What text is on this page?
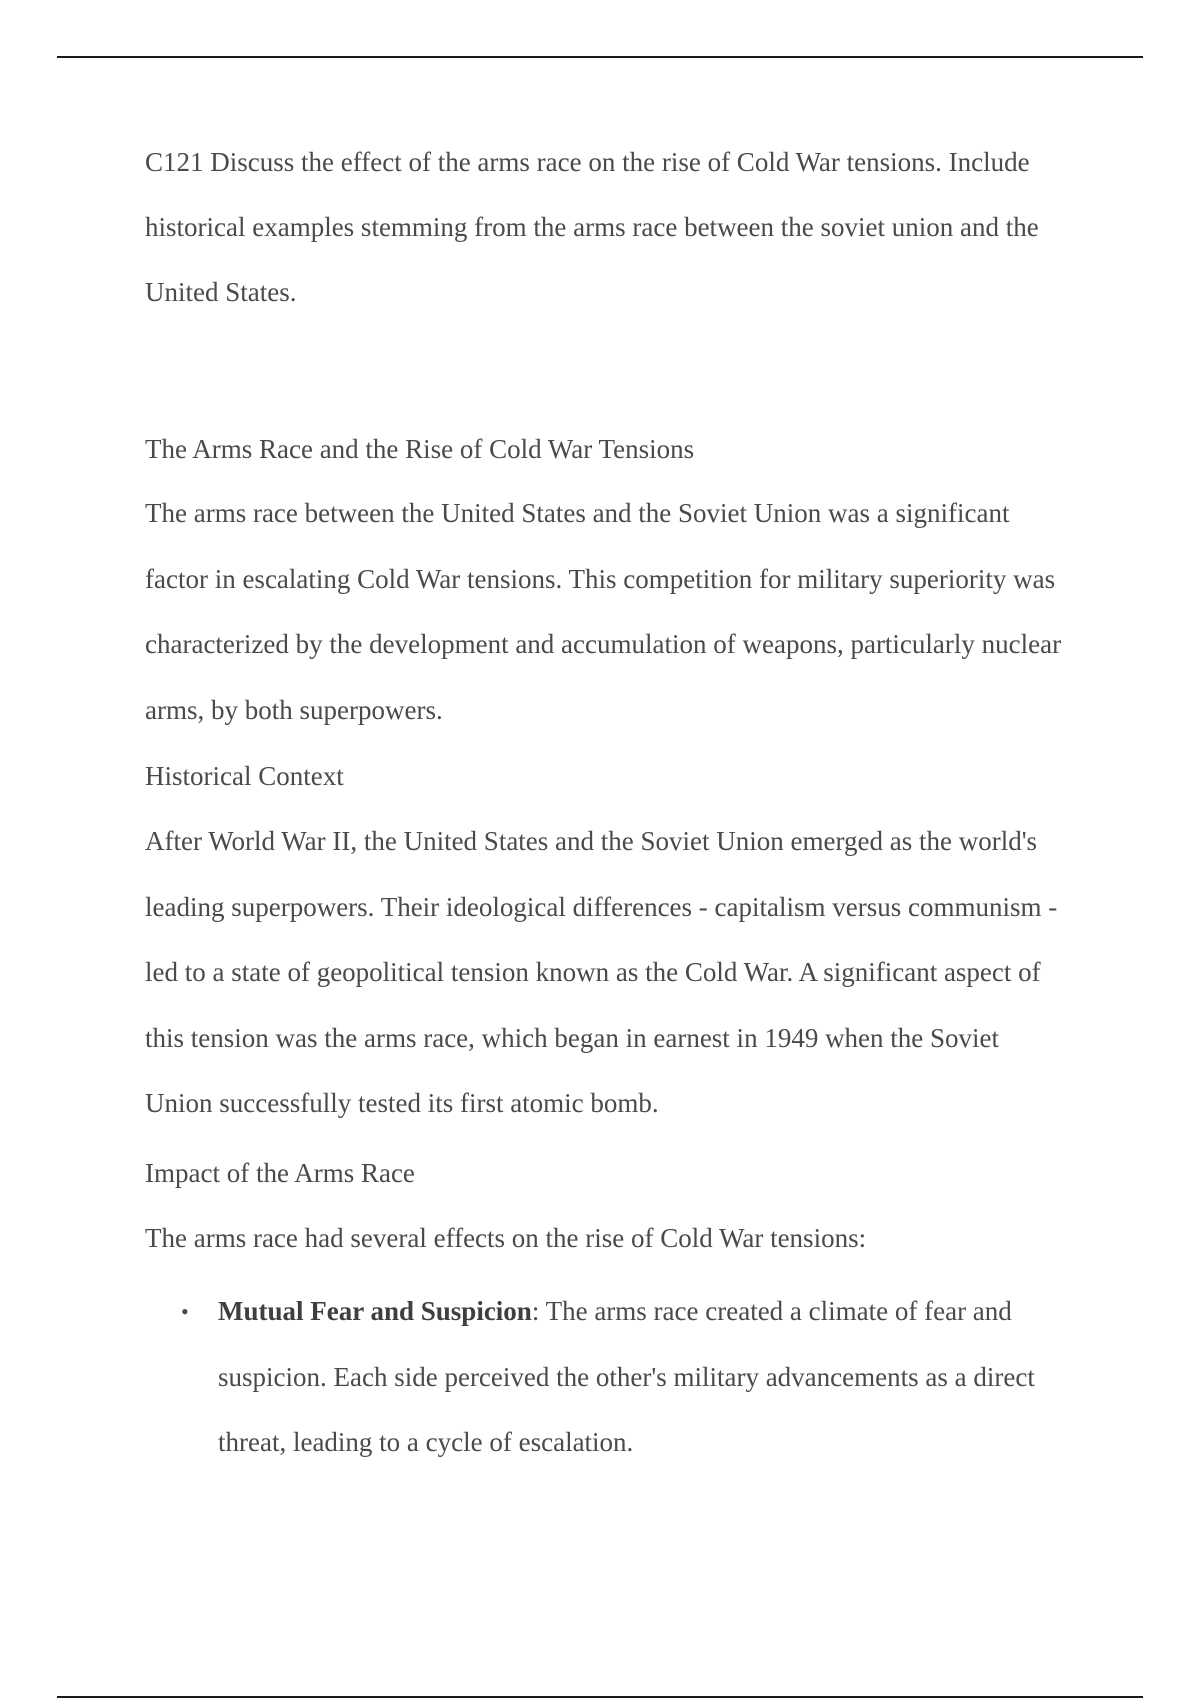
C121 Discuss the effect of the arms race on the rise of Cold War tensions. Include historical examples stemming from the arms race between the soviet union and the United States.

The Arms Race and the Rise of Cold War Tensions

The arms race between the United States and the Soviet Union was a significant factor in escalating Cold War tensions. This competition for military superiority was characterized by the development and accumulation of weapons, particularly nuclear arms, by both superpowers.

Historical Context

After World War II, the United States and the Soviet Union emerged as the world's leading superpowers. Their ideological differences - capitalism versus communism - led to a state of geopolitical tension known as the Cold War. A significant aspect of this tension was the arms race, which began in earnest in 1949 when the Soviet Union successfully tested its first atomic bomb.

Impact of the Arms Race

The arms race had several effects on the rise of Cold War tensions:

• Mutual Fear and Suspicion: The arms race created a climate of fear and suspicion. Each side perceived the other's military advancements as a direct threat, leading to a cycle of escalation.
